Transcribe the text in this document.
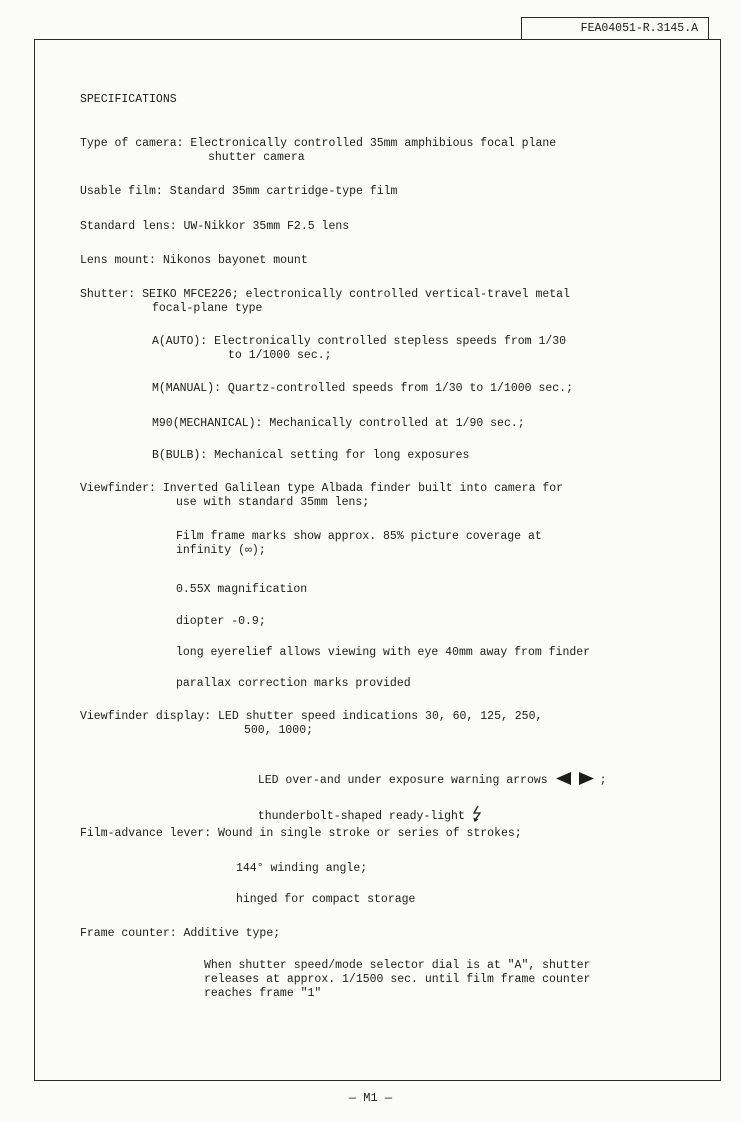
FEA04051-R.3145.A
SPECIFICATIONS
Type of camera: Electronically controlled 35mm amphibious focal plane
shutter camera
Usable film: Standard 35mm cartridge-type film
Standard lens: UW-Nikkor 35mm F2.5 lens
Lens mount: Nikonos bayonet mount
Shutter: SEIKO MFCE226; electronically controlled vertical-travel metal
focal-plane type
A(AUTO): Electronically controlled stepless speeds from 1/30
to 1/1000 sec.;
M(MANUAL): Quartz-controlled speeds from 1/30 to 1/1000 sec.;
M90(MECHANICAL): Mechanically controlled at 1/90 sec.;
B(BULB): Mechanical setting for long exposures
Viewfinder: Inverted Galilean type Albada finder built into camera for
use with standard 35mm lens;
Film frame marks show approx. 85% picture coverage at
infinity (∞);
0.55X magnification
diopter -0.9;
long eyerelief allows viewing with eye 40mm away from finder
parallax correction marks provided
Viewfinder display: LED shutter speed indications 30, 60, 125, 250,
500, 1000;

LED over-and under exposure warning arrows	;

thunderbolt-shaped ready-light

Film-advance lever: Wound in single stroke or series of strokes;
144° winding angle;
hinged for compact storage
Frame counter: Additive type;
When shutter speed/mode selector dial is at "A", shutter
releases at approx. 1/1500 sec. until film frame counter
reaches frame "1"
— M1 —
